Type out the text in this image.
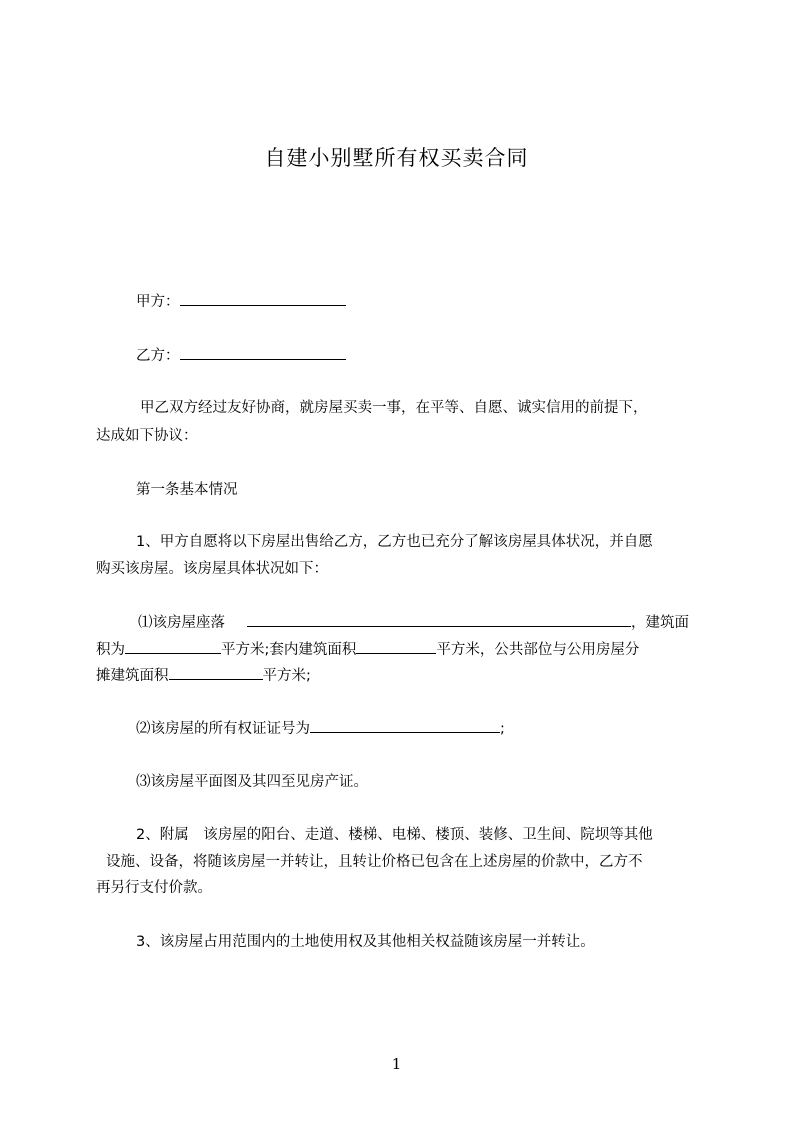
自建小别墅所有权买卖合同
甲方：
乙方：
甲乙双方经过友好协商，就房屋买卖一事，在平等、自愿、诚实信用的前提下，
达成如下协议：
第一条基本情况
1、甲方自愿将以下房屋出售给乙方，乙方也已充分了解该房屋具体状况，并自愿
购买该房屋。该房屋具体状况如下：
⑴该房屋座落	，建筑面
积为	平方米;套内建筑面积	平方米，公共部位与公用房屋分
摊建筑面积	平方米;
⑵该房屋的所有权证证号为	;
⑶该房屋平面图及其四至见房产证。
2、附属　该房屋的阳台、走道、楼梯、电梯、楼顶、装修、卫生间、院坝等其他
设施、设备，将随该房屋一并转让，且转让价格已包含在上述房屋的价款中，乙方不
再另行支付价款。
3、该房屋占用范围内的土地使用权及其他相关权益随该房屋一并转让。
1
